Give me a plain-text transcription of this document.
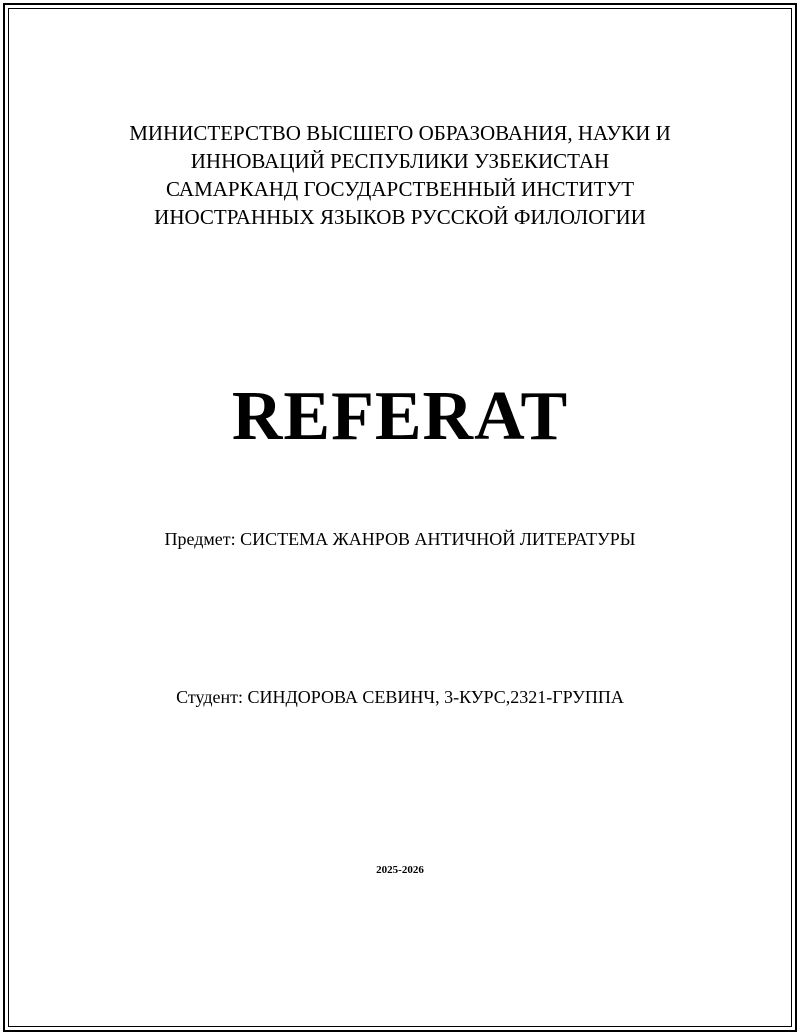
МИНИСТЕРСТВО ВЫСШЕГО ОБРАЗОВАНИЯ, НАУКИ И
ИННОВАЦИЙ РЕСПУБЛИКИ УЗБЕКИСТАН
САМАРКАНД ГОСУДАРСТВЕННЫЙ ИНСТИТУТ
ИНОСТРАННЫХ ЯЗЫКОВ РУССКОЙ ФИЛОЛОГИИ
REFERAT
Предмет: СИСТЕМА ЖАНРОВ АНТИЧНОЙ ЛИТЕРАТУРЫ
Студент: СИНДОРОВА СЕВИНЧ, 3-КУРС,2321-ГРУППА
2025-2026
